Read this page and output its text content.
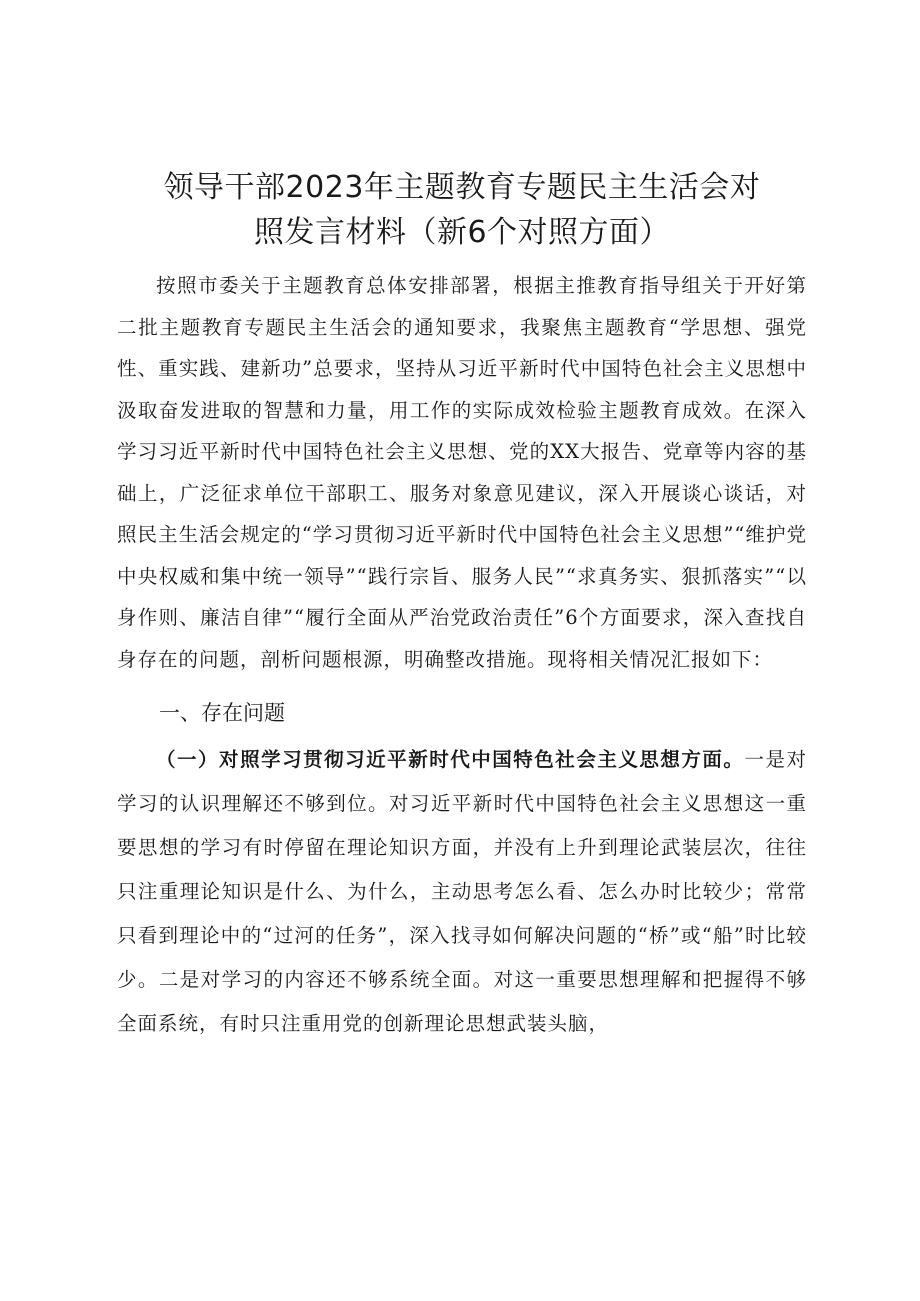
领导干部2023年主题教育专题民主生活会对
照发言材料（新6个对照方面）

按照市委关于主题教育总体安排部署，根据主推教育指导组关于开好第二批主题教育专题民主生活会的通知要求，我聚焦主题教育“学思想、强党性、重实践、建新功”总要求，坚持从习近平新时代中国特色社会主义思想中汲取奋发进取的智慧和力量，用工作的实际成效检验主题教育成效。在深入学习习近平新时代中国特色社会主义思想、党的XX大报告、党章等内容的基础上，广泛征求单位干部职工、服务对象意见建议，深入开展谈心谈话，对照民主生活会规定的“学习贯彻习近平新时代中国特色社会主义思想”“维护党中央权威和集中统一领导”“践行宗旨、服务人民”“求真务实、狠抓落实”“以身作则、廉洁自律”“履行全面从严治党政治责任”6个方面要求，深入查找自身存在的问题，剖析问题根源，明确整改措施。现将相关情况汇报如下：

一、存在问题

（一）对照学习贯彻习近平新时代中国特色社会主义思想方面。一是对学习的认识理解还不够到位。对习近平新时代中国特色社会主义思想这一重要思想的学习有时停留在理论知识方面，并没有上升到理论武装层次，往往只注重理论知识是什么、为什么，主动思考怎么看、怎么办时比较少；常常只看到理论中的“过河的任务”，深入找寻如何解决问题的“桥”或“船”时比较少。二是对学习的内容还不够系统全面。对这一重要思想理解和把握得不够全面系统，有时只注重用党的创新理论思想武装头脑，
